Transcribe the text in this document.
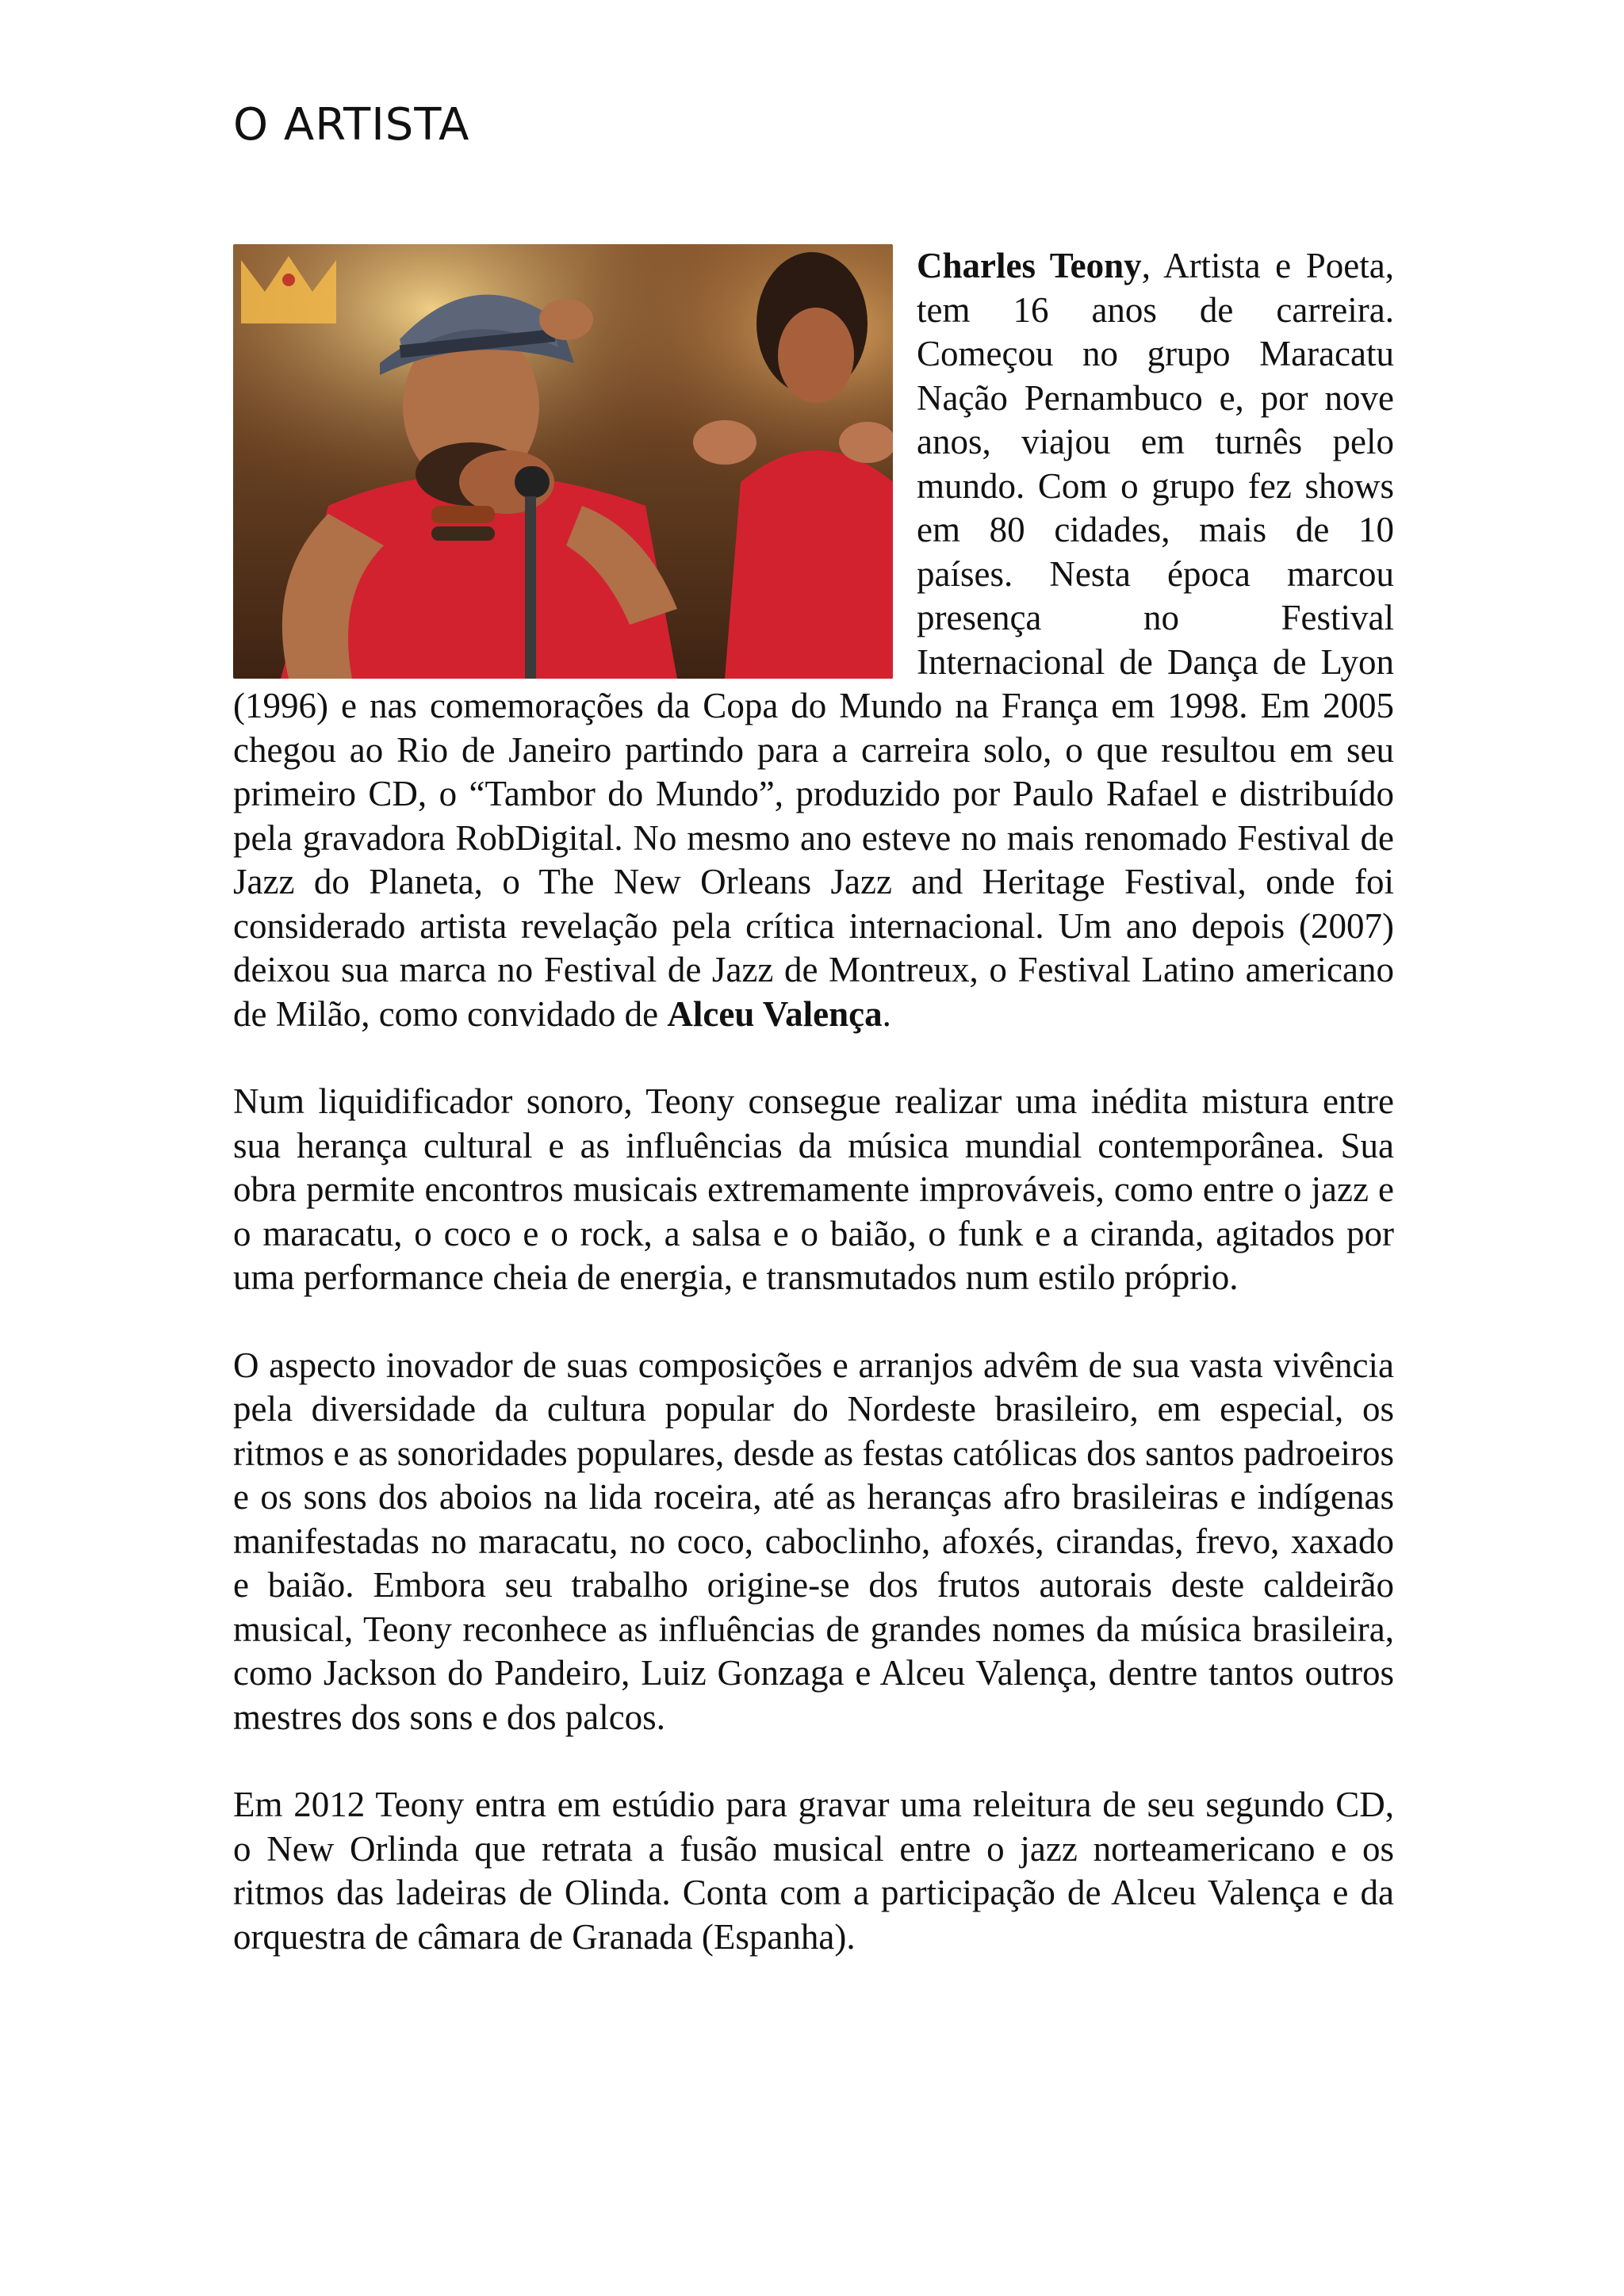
O ARTISTA

Charles Teony, Artista e Poeta, tem 16 anos de carreira. Começou no grupo Maracatu Nação Pernambuco e, por nove anos, viajou em turnês pelo mundo. Com o grupo fez shows em 80 cidades, mais de 10 países. Nesta época marcou presença no Festival Internacional de Dança de Lyon (1996) e nas comemorações da Copa do Mundo na França em 1998. Em 2005 chegou ao Rio de Janeiro partindo para a carreira solo, o que resultou em seu primeiro CD, o “Tambor do Mundo”, produzido por Paulo Rafael e distribuído pela gravadora RobDigital. No mesmo ano esteve no mais renomado Festival de Jazz do Planeta, o The New Orleans Jazz and Heritage Festival, onde foi considerado artista revelação pela crítica internacional. Um ano depois (2007) deixou sua marca no Festival de Jazz de Montreux, o Festival Latino americano de Milão, como convidado de Alceu Valença.

Num liquidificador sonoro, Teony consegue realizar uma inédita mistura entre sua herança cultural e as influências da música mundial contemporânea. Sua obra permite encontros musicais extremamente improváveis, como entre o jazz e o maracatu, o coco e o rock, a salsa e o baião, o funk e a ciranda, agitados por uma performance cheia de energia, e transmutados num estilo próprio.

O aspecto inovador de suas composições e arranjos advêm de sua vasta vivência pela diversidade da cultura popular do Nordeste brasileiro, em especial, os ritmos e as sonoridades populares, desde as festas católicas dos santos padroeiros e os sons dos aboios na lida roceira, até as heranças afro brasileiras e indígenas manifestadas no maracatu, no coco, caboclinho, afoxés, cirandas, frevo, xaxado e baião. Embora seu trabalho origine-se dos frutos autorais deste caldeirão musical, Teony reconhece as influências de grandes nomes da música brasileira, como Jackson do Pandeiro, Luiz Gonzaga e Alceu Valença, dentre tantos outros mestres dos sons e dos palcos.

Em 2012 Teony entra em estúdio para gravar uma releitura de seu segundo CD, o New Orlinda que retrata a fusão musical entre o jazz norteamericano e os ritmos das ladeiras de Olinda. Conta com a participação de Alceu Valença e da orquestra de câmara de Granada (Espanha).
